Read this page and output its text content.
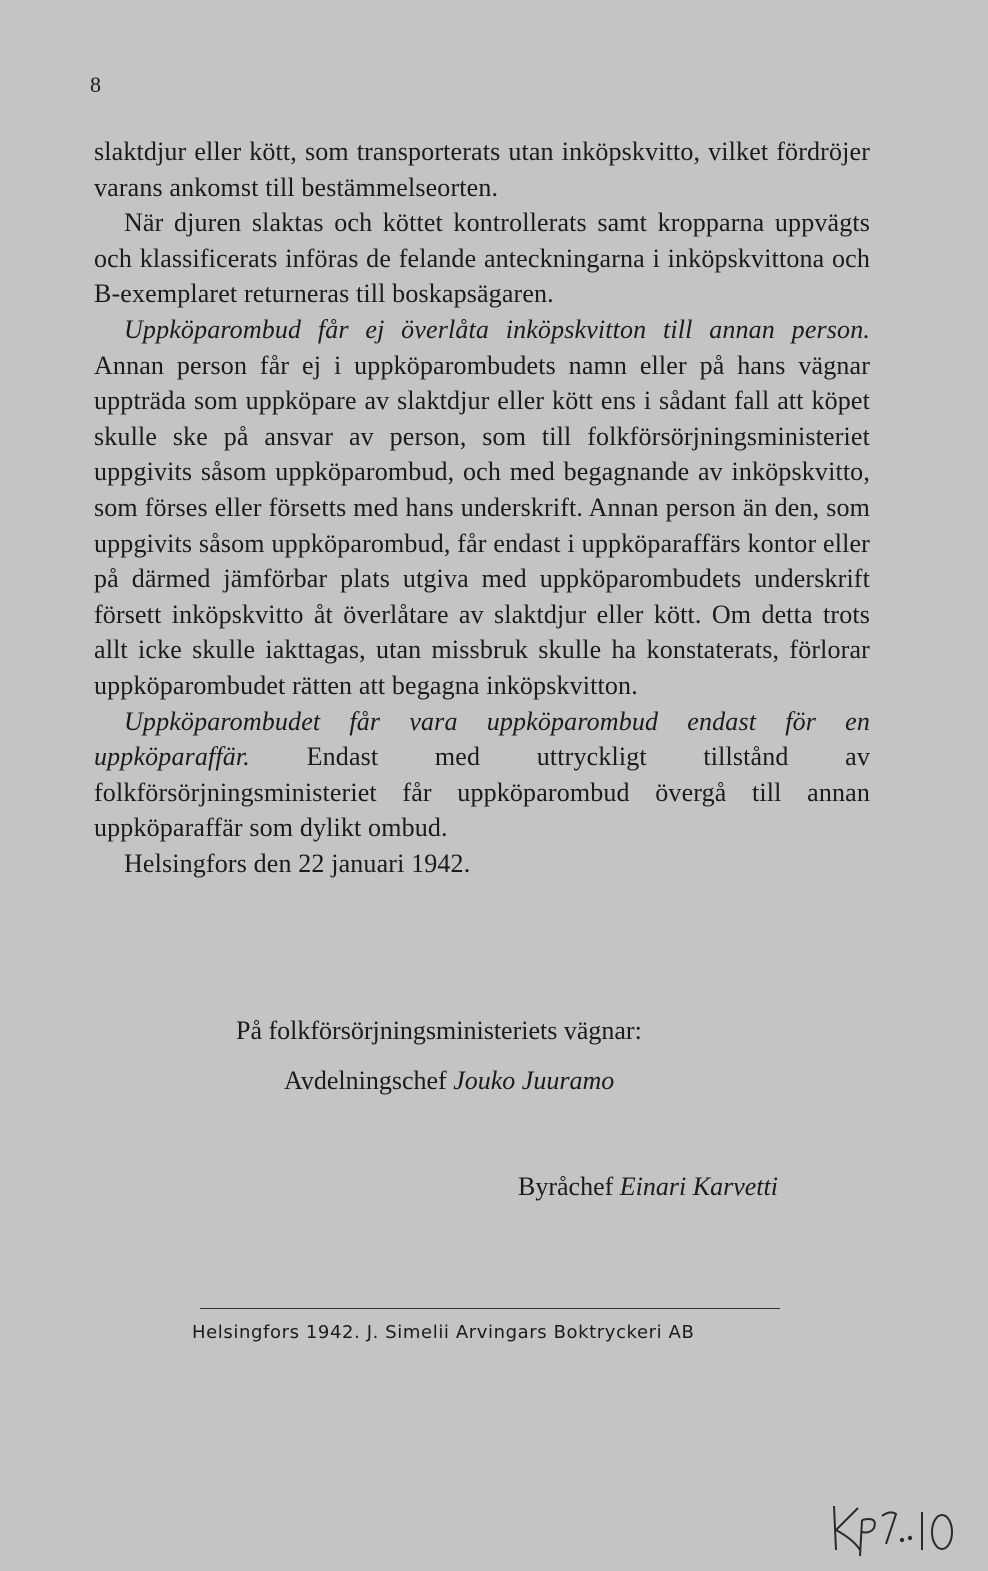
8

slaktdjur eller kött, som transporterats utan inköpskvitto, vilket fördröjer varans ankomst till bestämmelseorten.

När djuren slaktas och köttet kontrollerats samt kropparna uppvägts och klassificerats införas de felande anteckningarna i inköpskvittona och B-exemplaret returneras till boskapsägaren.

Uppköparombud får ej överlåta inköpskvitton till annan person. Annan person får ej i uppköparombudets namn eller på hans vägnar uppträda som uppköpare av slaktdjur eller kött ens i sådant fall att köpet skulle ske på ansvar av person, som till folkförsörjningsministeriet uppgivits såsom uppköparombud, och med begagnande av inköpskvitto, som förses eller försetts med hans underskrift. Annan person än den, som uppgivits såsom uppköparombud, får endast i uppköparaffärs kontor eller på därmed jämförbar plats utgiva med uppköparombudets underskrift försett inköpskvitto åt överlåtare av slaktdjur eller kött. Om detta trots allt icke skulle iakttagas, utan missbruk skulle ha konstaterats, förlorar uppköparombudet rätten att begagna inköpskvitton.

Uppköparombudet får vara uppköparombud endast för en uppköparaffär. Endast med uttryckligt tillstånd av folkförsörjningsministeriet får uppköparombud övergå till annan uppköparaffär som dylikt ombud.

Helsingfors den 22 januari 1942.

På folkförsörjningsministeriets vägnar:
Avdelningschef Jouko Juuramo
Byråchef Einari Karvetti
Helsingfors 1942. J. Simelii Arvingars Boktryckeri AB
